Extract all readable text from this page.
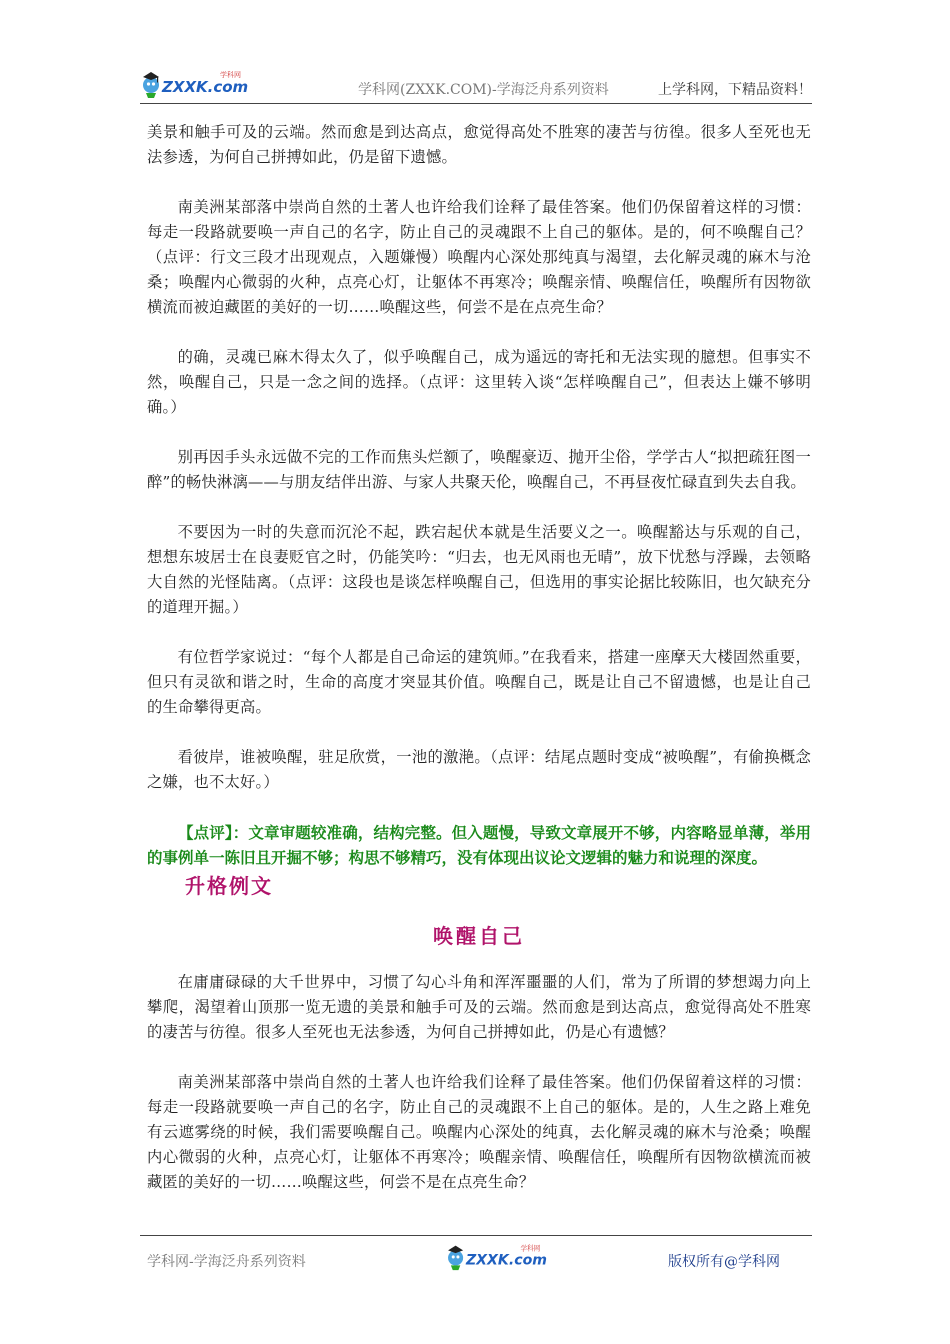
ZXXK.com
学科网
学科网(ZXXK.COM)-学海泛舟系列资料	上学科网，下精品资料！

美景和触手可及的云端。然而愈是到达高点，愈觉得高处不胜寒的凄苦与彷徨。很多人至死也无法参透，为何自己拼搏如此，仍是留下遗憾。

南美洲某部落中崇尚自然的土著人也许给我们诠释了最佳答案。他们仍保留着这样的习惯：每走一段路就要唤一声自己的名字，防止自己的灵魂跟不上自己的躯体。是的，何不唤醒自己？（点评：行文三段才出现观点，入题嫌慢）唤醒内心深处那纯真与渴望，去化解灵魂的麻木与沧桑；唤醒内心微弱的火种，点亮心灯，让躯体不再寒冷；唤醒亲情、唤醒信任，唤醒所有因物欲横流而被迫藏匿的美好的一切……唤醒这些，何尝不是在点亮生命？

的确，灵魂已麻木得太久了，似乎唤醒自己，成为遥远的寄托和无法实现的臆想。但事实不然，唤醒自己，只是一念之间的选择。（点评：这里转入谈“怎样唤醒自己”，但表达上嫌不够明确。）

别再因手头永远做不完的工作而焦头烂额了，唤醒豪迈、抛开尘俗，学学古人“拟把疏狂图一醉”的畅快淋漓——与朋友结伴出游、与家人共聚天伦，唤醒自己，不再昼夜忙碌直到失去自我。

不要因为一时的失意而沉沦不起，跌宕起伏本就是生活要义之一。唤醒豁达与乐观的自己，想想东坡居士在良妻贬官之时，仍能笑吟：“归去，也无风雨也无晴”，放下忧愁与浮躁，去领略大自然的光怪陆离。（点评：这段也是谈怎样唤醒自己，但选用的事实论据比较陈旧，也欠缺充分的道理开掘。）

有位哲学家说过：“每个人都是自己命运的建筑师。”在我看来，搭建一座摩天大楼固然重要，但只有灵欲和谐之时，生命的高度才突显其价值。唤醒自己，既是让自己不留遗憾，也是让自己的生命攀得更高。

看彼岸，谁被唤醒，驻足欣赏，一池的激滟。（点评：结尾点题时变成“被唤醒”，有偷换概念之嫌，也不太好。）

【点评】：文章审题较准确，结构完整。但入题慢，导致文章展开不够，内容略显单薄，举用的事例单一陈旧且开掘不够；构思不够精巧，没有体现出议论文逻辑的魅力和说理的深度。

升格例文
唤醒自己

在庸庸碌碌的大千世界中，习惯了勾心斗角和浑浑噩噩的人们，常为了所谓的梦想竭力向上攀爬，渴望着山顶那一览无遗的美景和触手可及的云端。然而愈是到达高点，愈觉得高处不胜寒的凄苦与彷徨。很多人至死也无法参透，为何自己拼搏如此，仍是心有遗憾？

南美洲某部落中崇尚自然的土著人也许给我们诠释了最佳答案。他们仍保留着这样的习惯：每走一段路就要唤一声自己的名字，防止自己的灵魂跟不上自己的躯体。是的，人生之路上难免有云遮雾绕的时候，我们需要唤醒自己。唤醒内心深处的纯真，去化解灵魂的麻木与沧桑；唤醒内心微弱的火种，点亮心灯，让躯体不再寒冷；唤醒亲情、唤醒信任，唤醒所有因物欲横流而被藏匿的美好的一切……唤醒这些，何尝不是在点亮生命？

学科网-学海泛舟系列资料	ZXXK.com
学科网
版权所有@学科网
